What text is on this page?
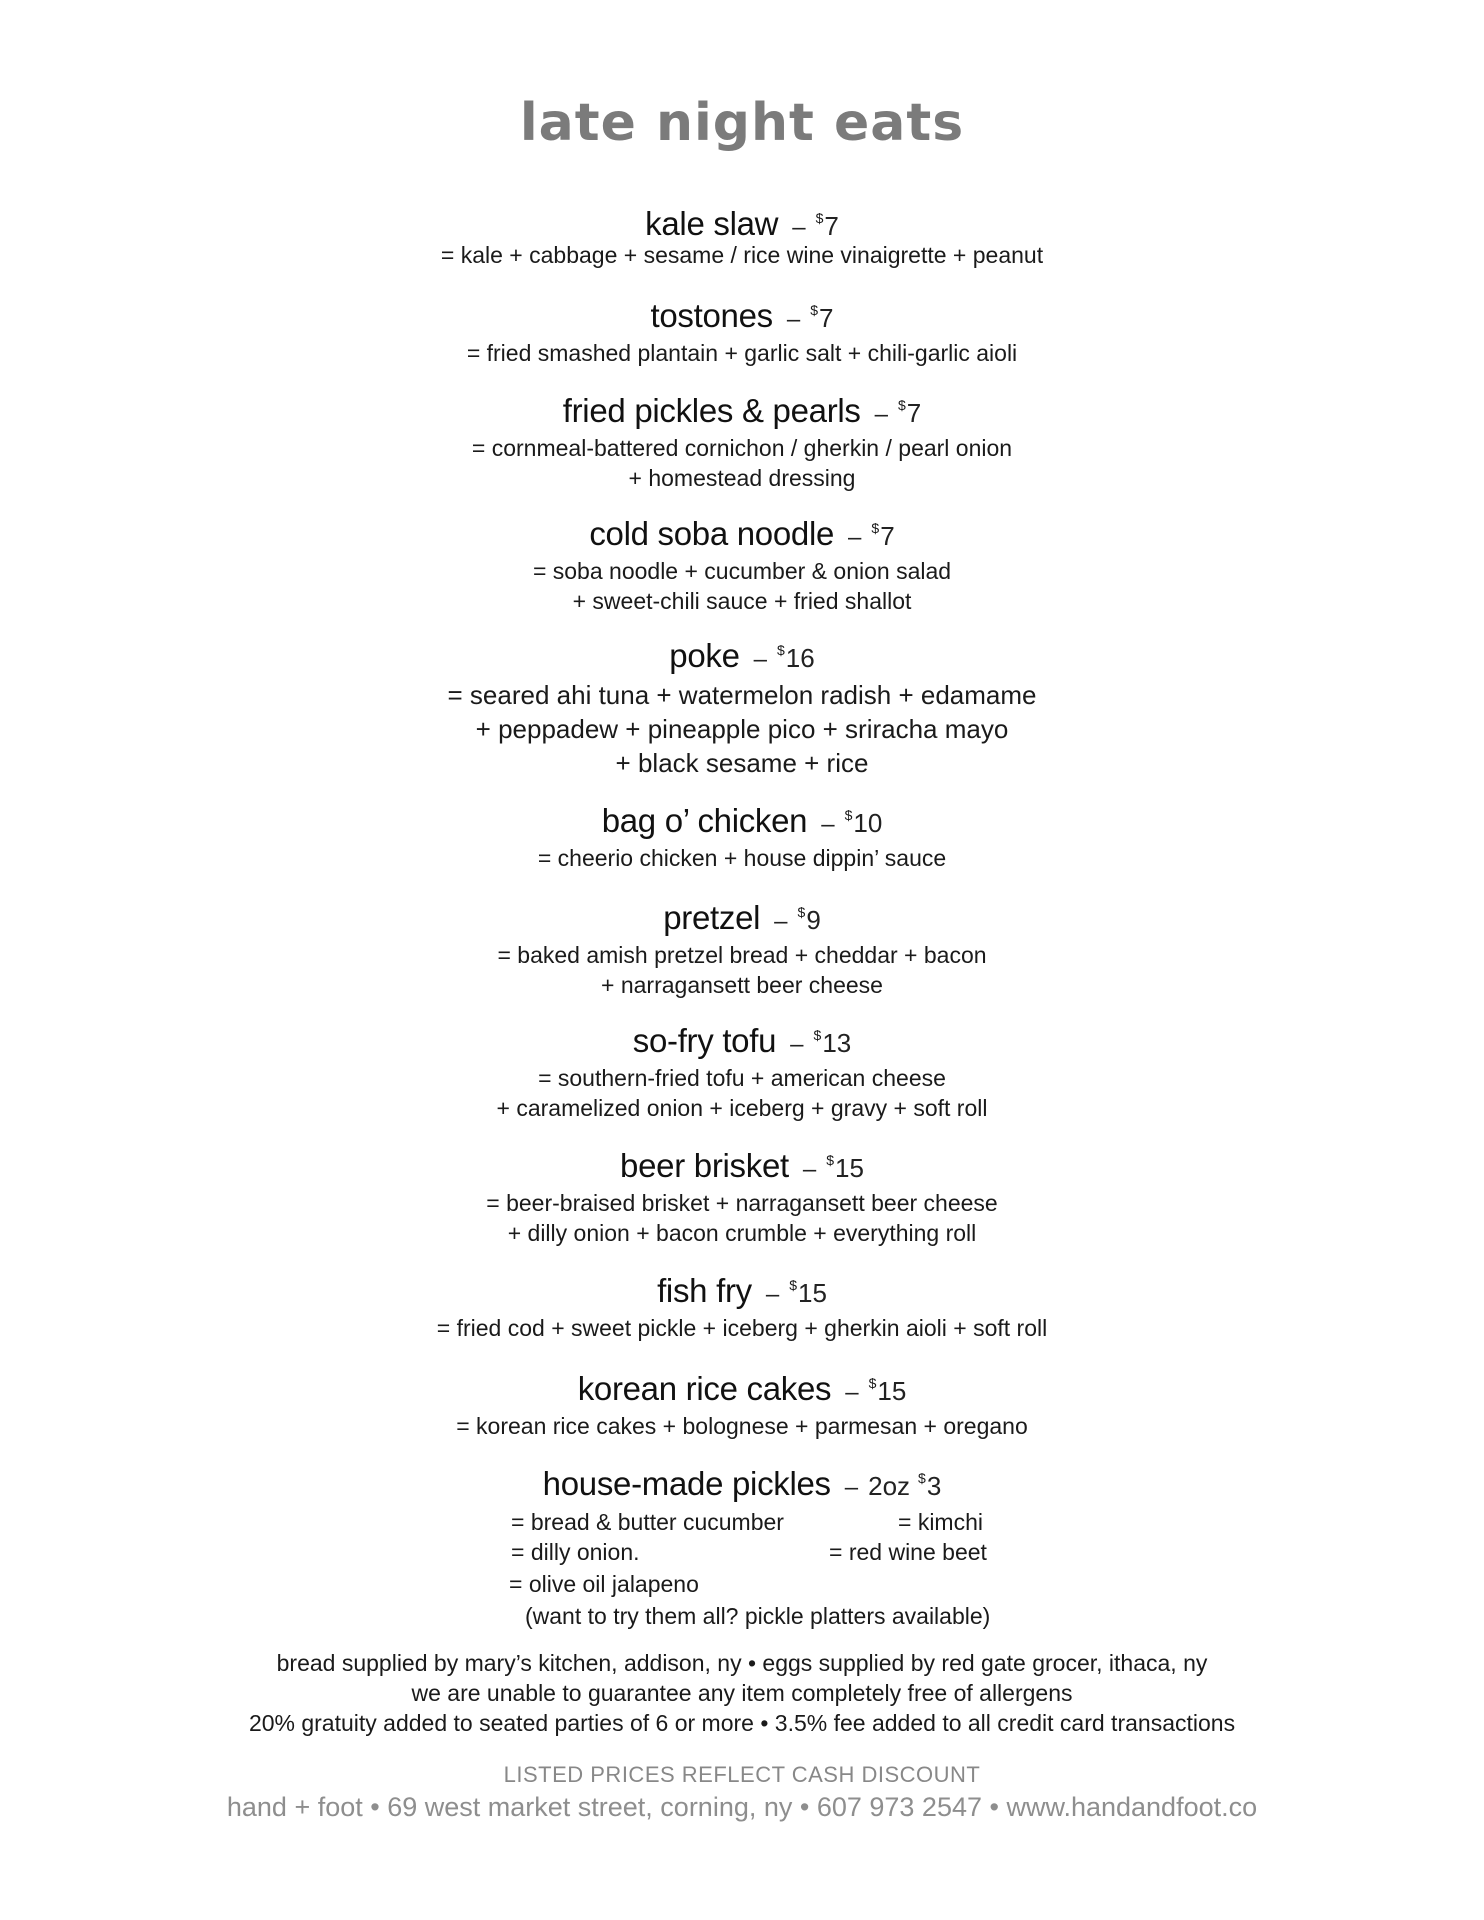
late night eats
kale slaw – $7
= kale + cabbage + sesame / rice wine vinaigrette + peanut
tostones – $7
= fried smashed plantain + garlic salt + chili-garlic aioli
fried pickles & pearls – $7
= cornmeal-battered cornichon / gherkin / pearl onion
+ homestead dressing
cold soba noodle – $7
= soba noodle + cucumber & onion salad
+ sweet-chili sauce + fried shallot
poke – $16
= seared ahi tuna + watermelon radish + edamame
+ peppadew + pineapple pico + sriracha mayo
+ black sesame + rice
bag o’ chicken – $10
= cheerio chicken + house dippin’ sauce
pretzel – $9
= baked amish pretzel bread + cheddar + bacon
+ narragansett beer cheese
so-fry tofu – $13
= southern-fried tofu + american cheese
+ caramelized onion + iceberg + gravy + soft roll
beer brisket – $15
= beer-braised brisket + narragansett beer cheese
+ dilly onion + bacon crumble + everything roll
fish fry – $15
= fried cod + sweet pickle + iceberg + gherkin aioli + soft roll
korean rice cakes – $15
= korean rice cakes + bolognese + parmesan + oregano
house-made pickles – 2oz $3
= bread & butter cucumber
= dilly onion.
= olive oil jalapeno
= kimchi
= red wine beet
(want to try them all? pickle platters available)
bread supplied by mary’s kitchen, addison, ny • eggs supplied by red gate grocer, ithaca, ny
we are unable to guarantee any item completely free of allergens
20% gratuity added to seated parties of 6 or more • 3.5% fee added to all credit card transactions
LISTED PRICES REFLECT CASH DISCOUNT
hand + foot • 69 west market street, corning, ny • 607 973 2547 • www.handandfoot.co
